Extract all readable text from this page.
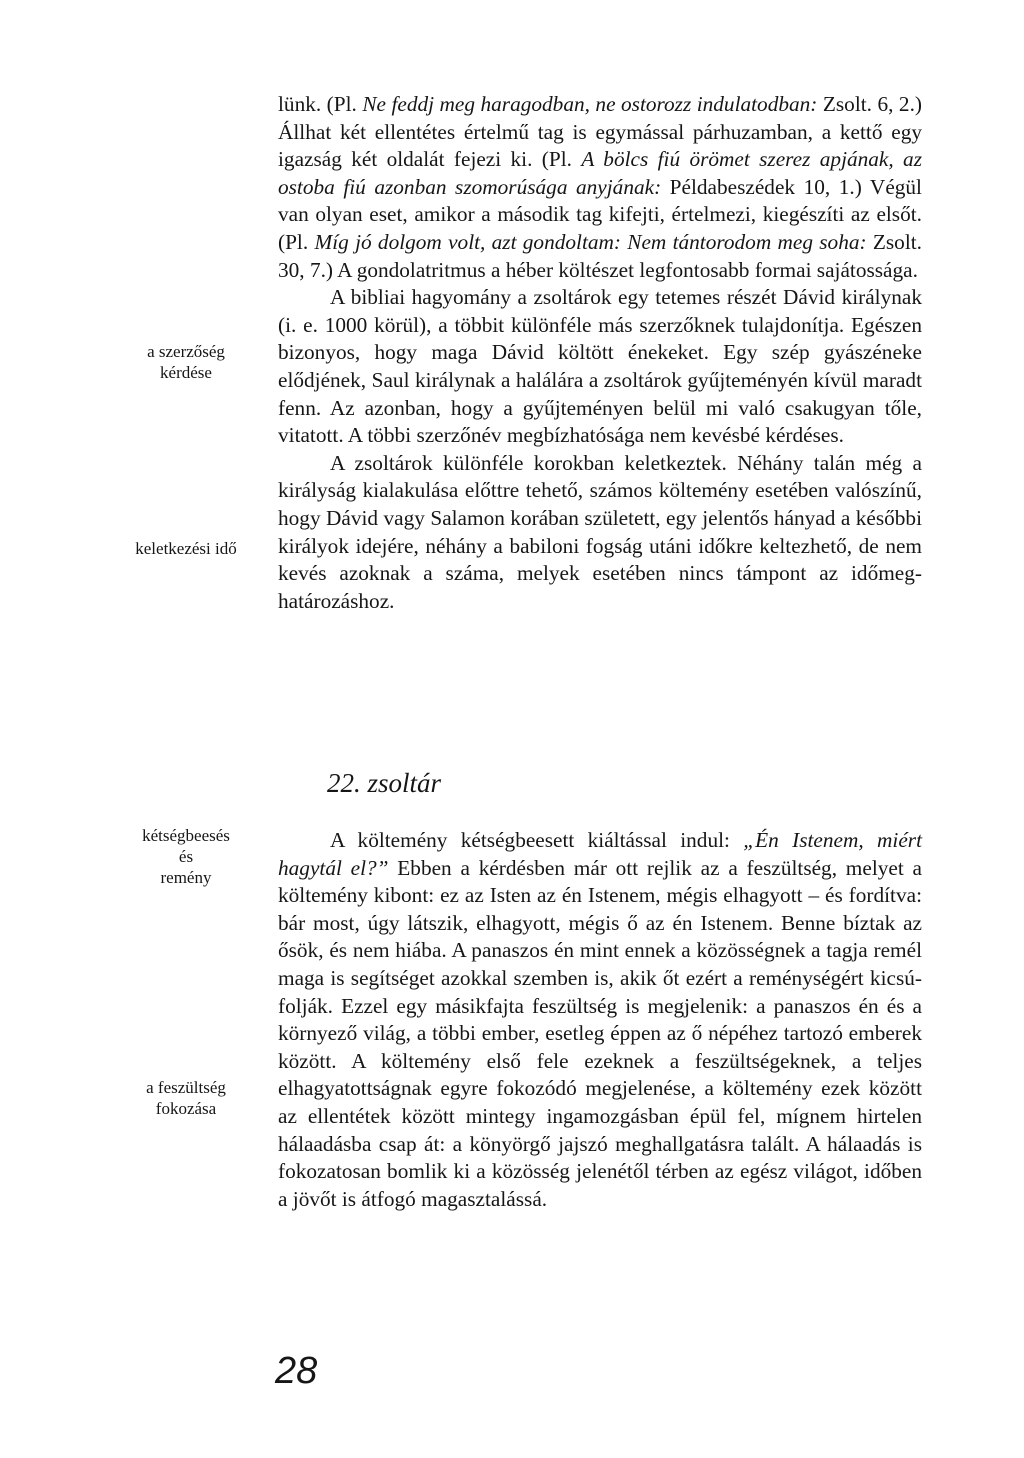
a szerzőség
kérdése
keletkezési idő
kétségbeesés
és
remény
a feszültség
fokozása

lünk. (Pl. Ne feddj meg haragodban, ne ostorozz indulatodban: Zsolt. 6, 2.) Állhat két ellentétes értelmű tag is egymással párhuzamban, a kettő egy igazság két oldalát fejezi ki. (Pl. A bölcs fiú örömet szerez apjának, az ostoba fiú azonban szomorúsága anyjának: Példabeszédek 10, 1.) Végül van olyan eset, amikor a második tag kifejti, értelmezi, kiegészíti az elsőt. (Pl. Míg jó dolgom volt, azt gondoltam: Nem tántorodom meg soha: Zsolt. 30, 7.) A gondolatritmus a héber költészet legfontosabb formai sajátossága.

A bibliai hagyomány a zsoltárok egy tetemes részét Dávid királynak (i. e. 1000 körül), a többit különféle más szerzőknek tulajdonítja. Egészen bizonyos, hogy maga Dávid költött énekeket. Egy szép gyászéneke elődjének, Saul királynak a halálára a zsoltárok gyűjteményén kívül maradt fenn. Az azonban, hogy a gyűjteményen belül mi való csakugyan tőle, vitatott. A többi szerzőnév megbízhatósága nem kevésbé kérdéses.

A zsoltárok különféle korokban keletkeztek. Néhány talán még a királyság kialakulása előttre tehető, számos költemény esetében valószínű, hogy Dávid vagy Salamon korában született, egy jelentős hányad a későbbi királyok idejére, néhány a babiloni fogság utáni időkre keltezhető, de nem kevés azoknak a száma, melyek esetében nincs támpont az időmeghatározáshoz.

22. zsoltár

A költemény kétségbeesett kiáltással indul: „Én Istenem, miért hagytál el?” Ebben a kérdésben már ott rejlik az a feszültség, melyet a költemény kibont: ez az Isten az én Istenem, mégis elhagyott – és fordítva: bár most, úgy látszik, elhagyott, mégis ő az én Istenem. Benne bíztak az ősök, és nem hiába. A panaszos én mint ennek a közösségnek a tagja remél maga is segítséget azokkal szemben is, akik őt ezért a reménységért kicsúfolják. Ezzel egy másikfajta feszültség is megjelenik: a panaszos én és a környező világ, a többi ember, esetleg éppen az ő népéhez tartozó emberek között. A költemény első fele ezeknek a feszültségeknek, a teljes elhagyatottságnak egyre fokozódó megjelenése, a költemény ezek között az ellentétek között mintegy ingamozgásban épül fel, mígnem hirtelen hálaadásba csap át: a könyörgő jajszó meghallgatásra talált. A hálaadás is fokozatosan bomlik ki a közösség jelenétől térben az egész világot, időben a jövőt is átfogó magasztalássá.

28
